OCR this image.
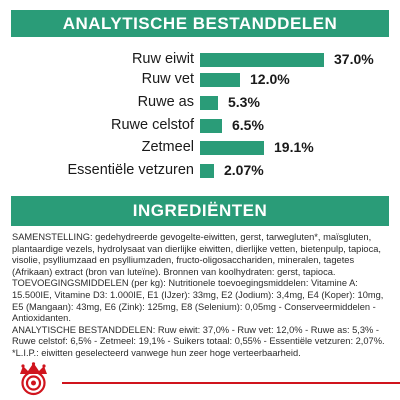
ANALYTISCHE BESTANDDELEN
Ruw eiwit	37.0%
Ruw vet	12.0%
Ruwe as 5.3%
Ruwe celstof	6.5%
Zetmeel	19.1%
Essentiële vetzuren 2.07%
INGREDIËNTEN

SAMENSTELLING: gedehydreerde gevogelte-eiwitten, gerst, tarwegluten*, maïsgluten, plantaardige vezels, hydrolysaat van dierlijke eiwitten, dierlijke vetten, bietenpulp, tapioca, visolie, psylliumzaad en psylliumzaden, fructo-oligosacchariden, mineralen, tagetes (Afrikaan) extract (bron van luteïne). Bronnen van koolhydraten: gerst, tapioca.

TOEVOEGINGSMIDDELEN (per kg): Nutritionele toevoegingsmiddelen: Vitamine A: 15.500IE, Vitamine D3: 1.000IE, E1 (IJzer): 33mg, E2 (Jodium): 3,4mg, E4 (Koper): 10mg, E5 (Mangaan): 43mg, E6 (Zink): 125mg, E8 (Selenium): 0,05mg - Conserveermiddelen - Antioxidanten.

ANALYTISCHE BESTANDDELEN: Ruw eiwit: 37,0% - Ruw vet: 12,0% - Ruwe as: 5,3% - Ruwe celstof: 6,5% - Zetmeel: 19,1% - Suikers totaal: 0,55% - Essentiële vetzuren: 2,07%.

*L.I.P.: eiwitten geselecteerd vanwege hun zeer hoge verteerbaarheid.
